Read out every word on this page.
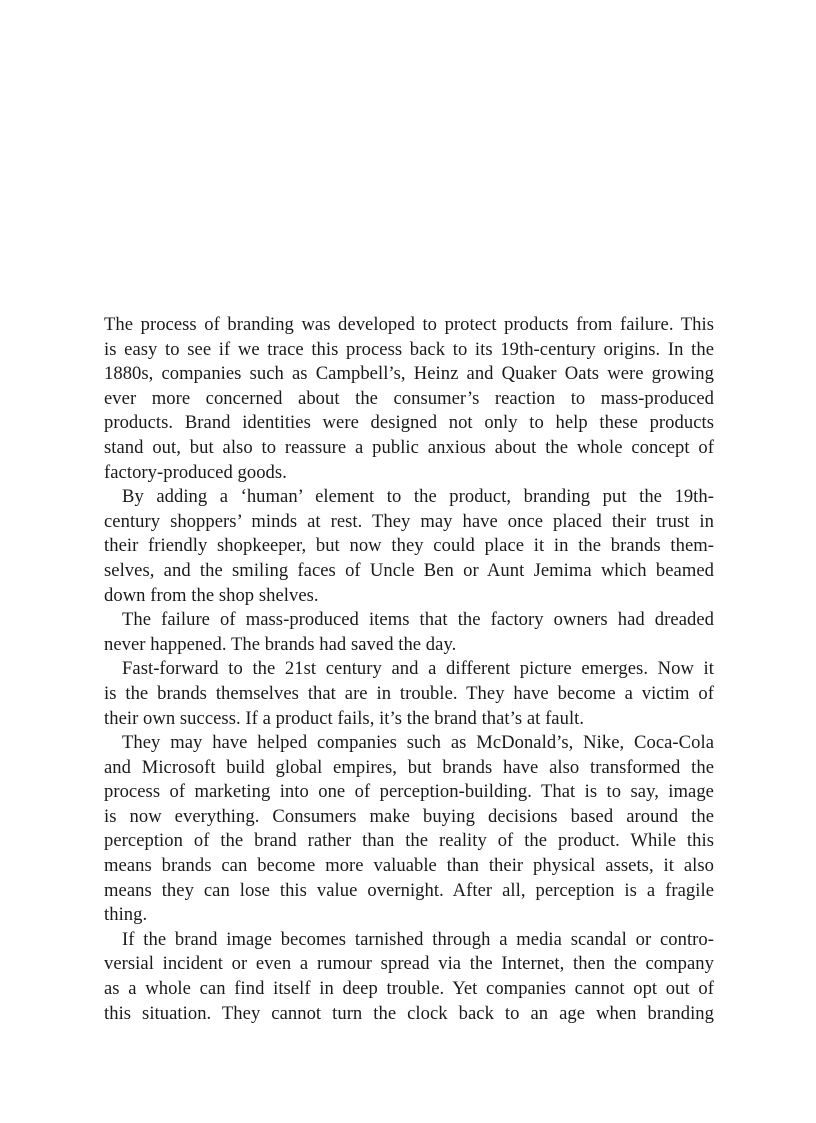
The process of branding was developed to protect products from failure. This
is easy to see if we trace this process back to its 19th-century origins. In the
1880s, companies such as Campbell’s, Heinz and Quaker Oats were growing
ever more concerned about the consumer’s reaction to mass-produced
products. Brand identities were designed not only to help these products
stand out, but also to reassure a public anxious about the whole concept of
factory-produced goods.
By adding a ‘human’ element to the product, branding put the 19th-
century shoppers’ minds at rest. They may have once placed their trust in
their friendly shopkeeper, but now they could place it in the brands them-
selves, and the smiling faces of Uncle Ben or Aunt Jemima which beamed
down from the shop shelves.
The failure of mass-produced items that the factory owners had dreaded
never happened. The brands had saved the day.
Fast-forward to the 21st century and a different picture emerges. Now it
is the brands themselves that are in trouble. They have become a victim of
their own success. If a product fails, it’s the brand that’s at fault.
They may have helped companies such as McDonald’s, Nike, Coca-Cola
and Microsoft build global empires, but brands have also transformed the
process of marketing into one of perception-building. That is to say, image
is now everything. Consumers make buying decisions based around the
perception of the brand rather than the reality of the product. While this
means brands can become more valuable than their physical assets, it also
means they can lose this value overnight. After all, perception is a fragile
thing.
If the brand image becomes tarnished through a media scandal or contro-
versial incident or even a rumour spread via the Internet, then the company
as a whole can find itself in deep trouble. Yet companies cannot opt out of
this situation. They cannot turn the clock back to an age when branding
